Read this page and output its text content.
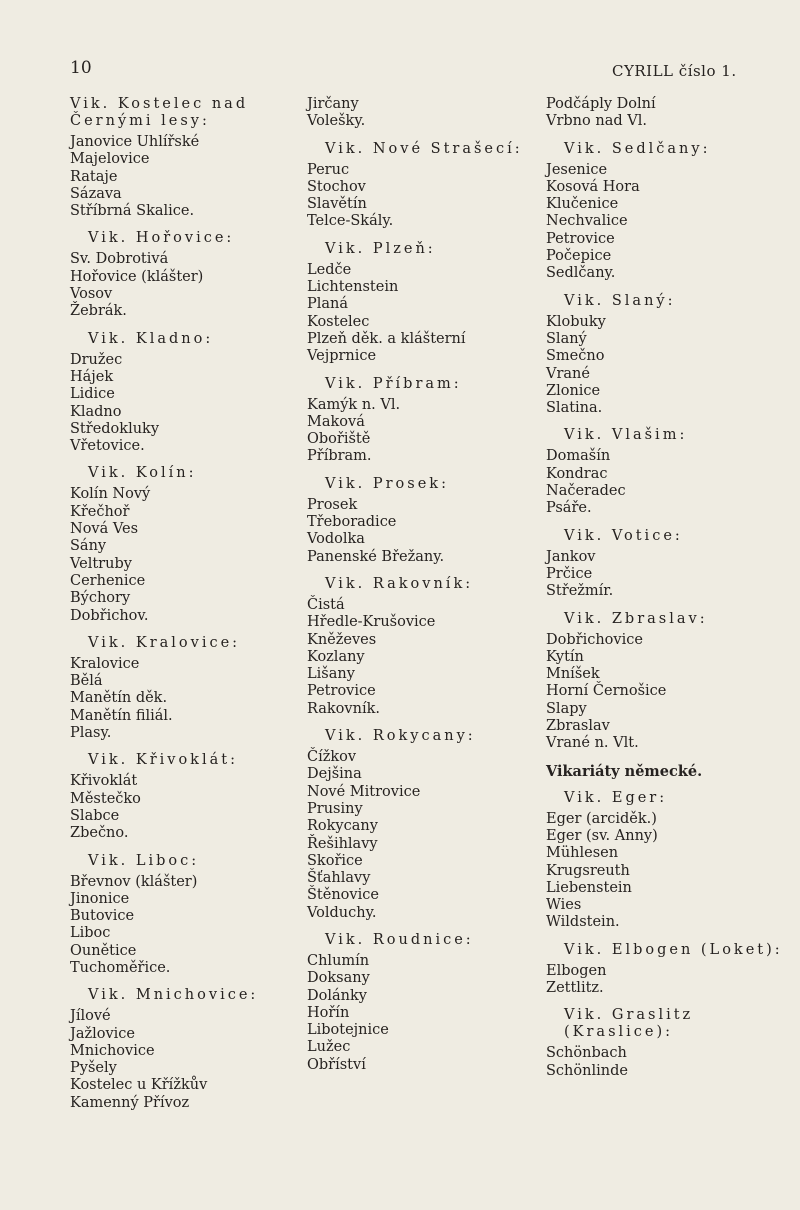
10	CYRILL číslo 1.
Vik. Kostelec nad Černými lesy:
Janovice Uhlířské
Majelovice
Rataje
Sázava
Stříbrná Skalice.
Vik. Hořovice:
Sv. Dobrotivá
Hořovice (klášter)
Vosov
Žebrák.
Vik. Kladno:
Družec
Hájek
Lidice
Kladno
Středokluky
Vřetovice.
Vik. Kolín:
Kolín Nový
Křečhoř
Nová Ves
Sány
Veltruby
Cerhenice
Býchory
Dobřichov.
Vik. Kralovice:
Kralovice
Bělá
Manětín děk.
Manětín filiál.
Plasy.
Vik. Křivoklát:
Křivoklát
Městečko
Slabce
Zbečno.
Vik. Liboc:
Břevnov (klášter)
Jinonice
Butovice
Liboc
Ounětice
Tuchoměřice.
Vik. Mnichovice:
Jílové
Jažlovice
Mnichovice
Pyšely
Kostelec u Křížkův
Kamenný Přívoz
Jirčany
Volešky.
Vik. Nové Strašecí:
Peruc
Stochov
Slavětín
Telce-Skály.
Vik. Plzeň:
Ledče
Lichtenstein
Planá
Kostelec
Plzeň děk. a klášterní
Vejprnice
Vik. Příbram:
Kamýk n. Vl.
Maková
Obořiště
Příbram.
Vik. Prosek:
Prosek
Třeboradice
Vodolka
Panenské Břežany.
Vik. Rakovník:
Čistá
Hředle-Krušovice
Kněževes
Kozlany
Lišany
Petrovice
Rakovník.
Vik. Rokycany:
Čížkov
Dejšina
Nové Mitrovice
Prusiny
Rokycany
Řešihlavy
Skořice
Šťahlavy
Štěnovice
Volduchy.
Vik. Roudnice:
Chlumín
Doksany
Dolánky
Hořín
Libotejnice
Lužec
Obříství
Podčáply Dolní
Vrbno nad Vl.
Vik. Sedlčany:
Jesenice
Kosová Hora
Klučenice
Nechvalice
Petrovice
Počepice
Sedlčany.
Vik. Slaný:
Klobuky
Slaný
Smečno
Vrané
Zlonice
Slatina.
Vik. Vlašim:
Domašín
Kondrac
Načeradec
Psáře.
Vik. Votice:
Jankov
Prčice
Střežmír.
Vik. Zbraslav:
Dobřichovice
Kytín
Mníšek
Horní Černošice
Slapy
Zbraslav
Vrané n. Vlt.
Vikariáty německé.
Vik. Eger:
Eger (arciděk.)
Eger (sv. Anny)
Mühlesen
Krugsreuth
Liebenstein
Wies
Wildstein.
Vik. Elbogen (Loket):
Elbogen
Zettlitz.
Vik. Graslitz (Kraslice):
Schönbach
Schönlinde
